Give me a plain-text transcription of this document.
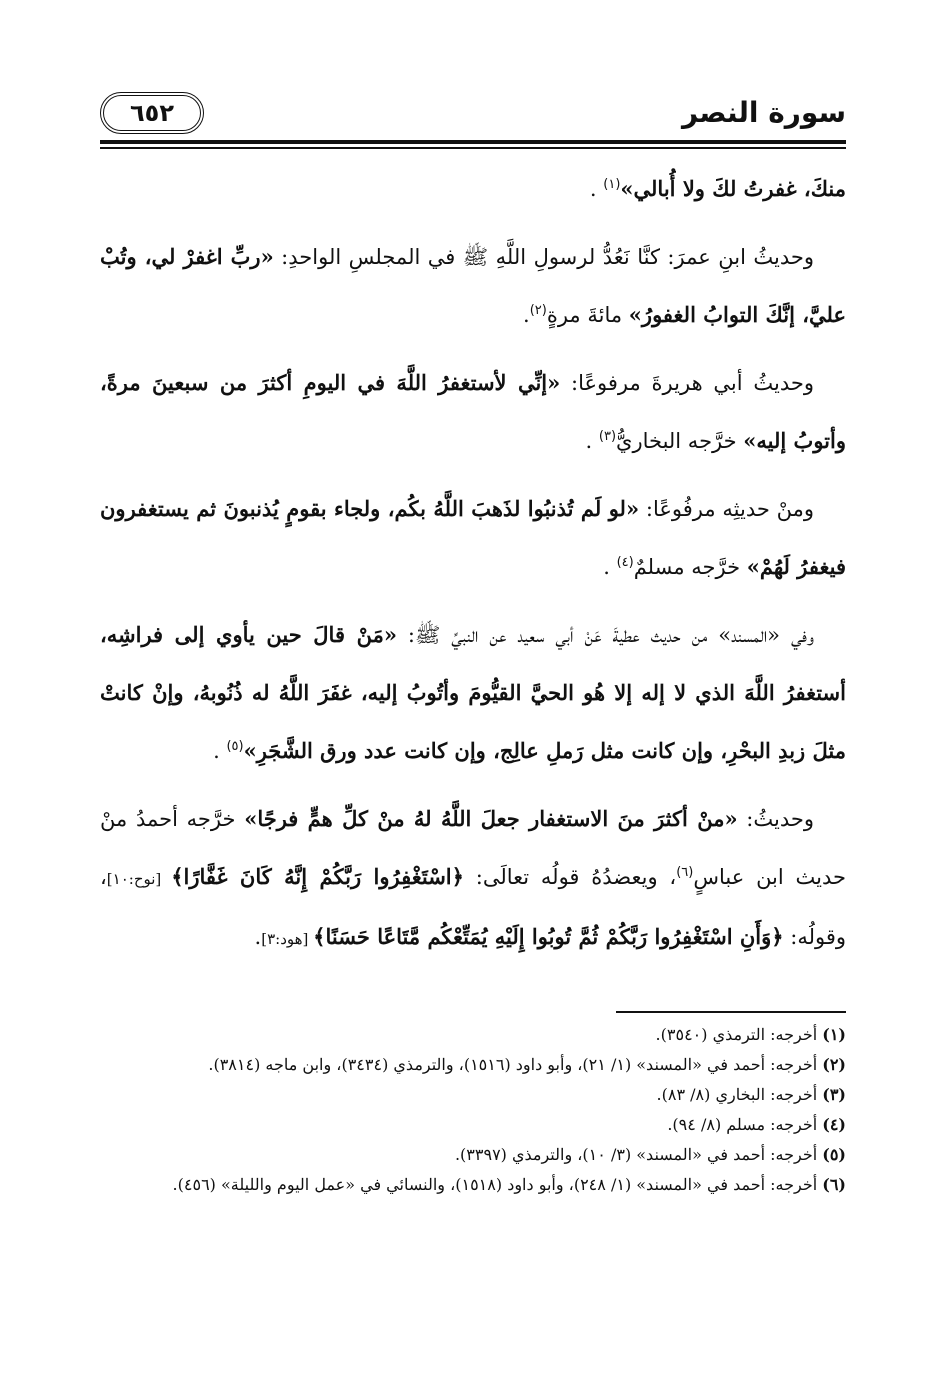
سورة النصر
٦٥٢

منكَ، غفرتُ لكَ ولا أُبالي»$^{(١)}$ .

وحديثُ ابنِ عمرَ: كنَّا نَعُدُّ لرسولِ اللَّهِ ﷺ في المجلسِ الواحدِ: «ربِّ اغفرْ لي، وتُبْ عليَّ، إنَّكَ التوابُ الغفورُ» مائةَ مرةٍ$^{(٢)}$.

وحديثُ أبي هريرةَ مرفوعًا: «إنِّي لأستغفرُ اللَّهَ في اليومِ أكثرَ من سبعينَ مرةً، وأتوبُ إليه» خرَّجه البخاريُّ$^{(٣)}$ .

ومنْ حديثِه مرفُوعًا: «لو لَم تُذنبُوا لذَهبَ اللَّهُ بكُم، ولجاء بقومٍ يُذنبونَ ثم يستغفرون فيغفرُ لَهُمْ» خرَّجه مسلمٌ$^{(٤)}$ .

وفي «المسند» من حديث عطيةَ عَنْ أبي سعيد عن النبيِّ ﷺ: «مَنْ قالَ حين يأوي إلى فراشِه، أستغفرُ اللَّهَ الذي لا إله إلا هُو الحيَّ القيُّومَ وأتُوبُ إليه، غفَرَ اللَّهُ له ذُنُوبهُ، وإنْ كانتْ مثلَ زبدِ البحْرِ، وإن كانت مثل رَملِ عالِج، وإن كانت عدد ورق الشَّجَرِ»$^{(٥)}$ .

وحديثُ: «منْ أكثرَ منَ الاستغفار جعلَ اللَّهُ لهُ منْ كلِّ همٍّ فرجًا» خرَّجه أحمدُ منْ حديث ابن عباسٍ$^{(٦)}$، ويعضدُهُ قولُه تعالَى: ﴿اسْتَغْفِرُوا رَبَّكُمْ إِنَّهُ كَانَ غَفَّارًا﴾ [نوح:١٠]، وقولُه: ﴿وَأَنِ اسْتَغْفِرُوا رَبَّكُمْ ثُمَّ تُوبُوا إِلَيْهِ يُمَتِّعْكُم مَّتَاعًا حَسَنًا﴾ [هود:٣].

(١) أخرجه: الترمذي (٣٥٤٠).

(٢) أخرجه: أحمد في «المسند» (١/ ٢١)، وأبو داود (١٥١٦)، والترمذي (٣٤٣٤)، وابن ماجه (٣٨١٤).

(٣) أخرجه: البخاري (٨/ ٨٣).

(٤) أخرجه: مسلم (٨/ ٩٤).

(٥) أخرجه: أحمد في «المسند» (٣/ ١٠)، والترمذي (٣٣٩٧).

(٦) أخرجه: أحمد في «المسند» (١/ ٢٤٨)، وأبو داود (١٥١٨)، والنسائي في «عمل اليوم والليلة» (٤٥٦).
